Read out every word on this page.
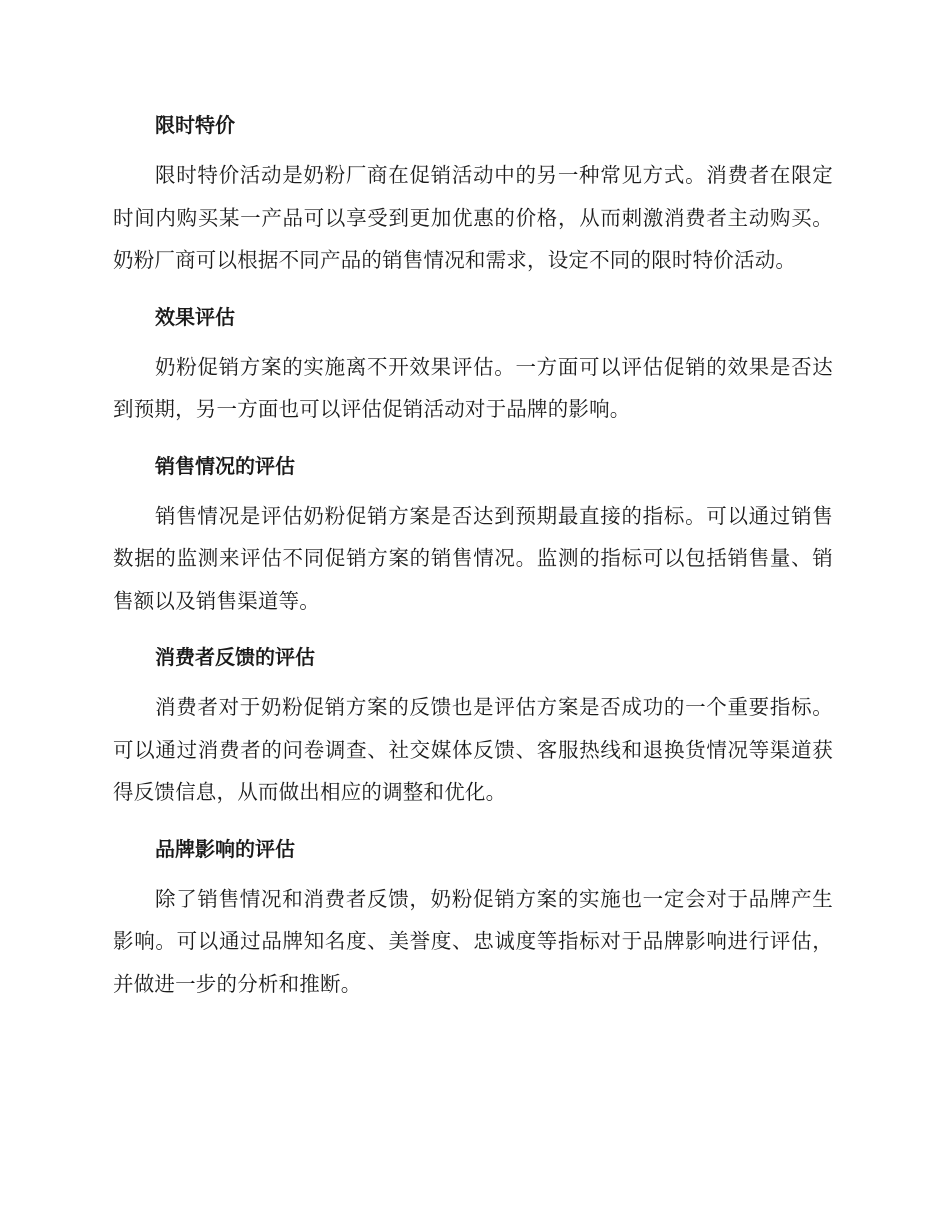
限时特价

限时特价活动是奶粉厂商在促销活动中的另一种常见方式。消费者在限定时间内购买某一产品可以享受到更加优惠的价格，从而刺激消费者主动购买。奶粉厂商可以根据不同产品的销售情况和需求，设定不同的限时特价活动。

效果评估

奶粉促销方案的实施离不开效果评估。一方面可以评估促销的效果是否达到预期，另一方面也可以评估促销活动对于品牌的影响。

销售情况的评估

销售情况是评估奶粉促销方案是否达到预期最直接的指标。可以通过销售数据的监测来评估不同促销方案的销售情况。监测的指标可以包括销售量、销售额以及销售渠道等。

消费者反馈的评估

消费者对于奶粉促销方案的反馈也是评估方案是否成功的一个重要指标。可以通过消费者的问卷调查、社交媒体反馈、客服热线和退换货情况等渠道获得反馈信息，从而做出相应的调整和优化。

品牌影响的评估

除了销售情况和消费者反馈，奶粉促销方案的实施也一定会对于品牌产生影响。可以通过品牌知名度、美誉度、忠诚度等指标对于品牌影响进行评估，并做进一步的分析和推断。
